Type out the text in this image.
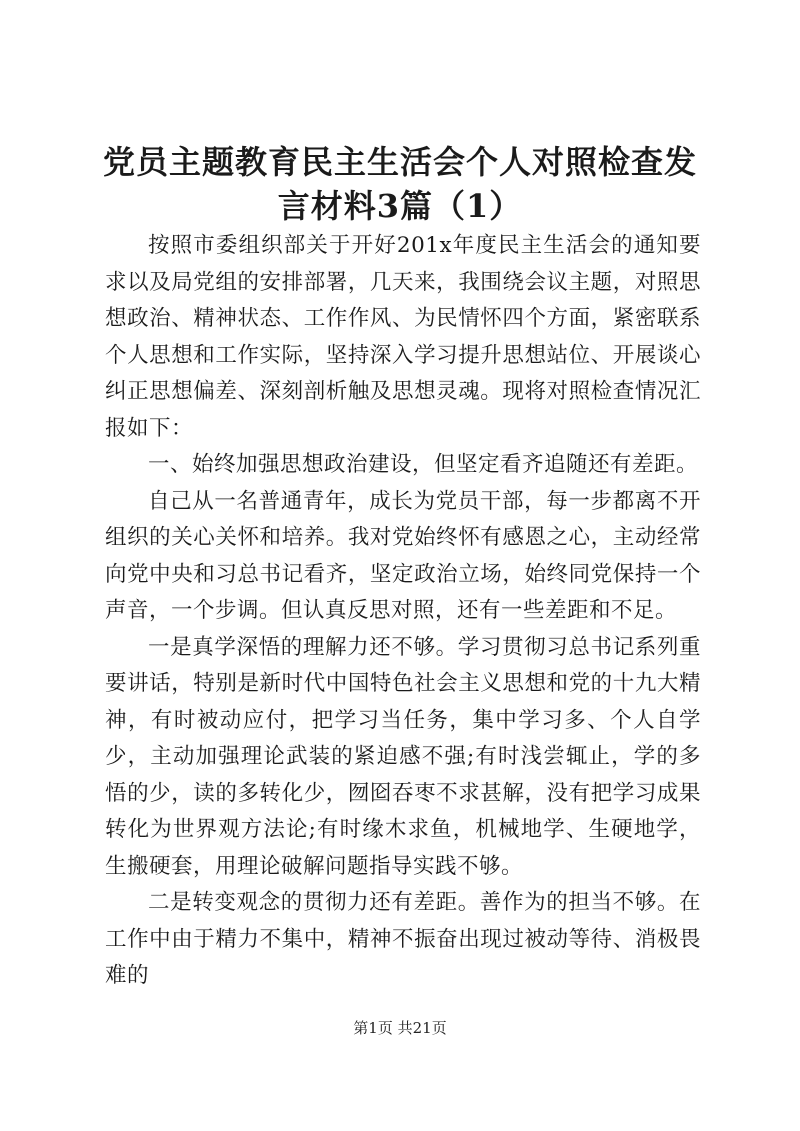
党员主题教育民主生活会个人对照检查发言材料3篇（1）

按照市委组织部关于开好201x年度民主生活会的通知要求以及局党组的安排部署，几天来，我围绕会议主题，对照思想政治、精神状态、工作作风、为民情怀四个方面，紧密联系个人思想和工作实际，坚持深入学习提升思想站位、开展谈心纠正思想偏差、深刻剖析触及思想灵魂。现将对照检查情况汇报如下：

一、始终加强思想政治建设，但坚定看齐追随还有差距。

自己从一名普通青年，成长为党员干部，每一步都离不开组织的关心关怀和培养。我对党始终怀有感恩之心，主动经常向党中央和习总书记看齐，坚定政治立场，始终同党保持一个声音，一个步调。但认真反思对照，还有一些差距和不足。

一是真学深悟的理解力还不够。学习贯彻习总书记系列重要讲话，特别是新时代中国特色社会主义思想和党的十九大精神，有时被动应付，把学习当任务，集中学习多、个人自学少，主动加强理论武装的紧迫感不强;有时浅尝辄止，学的多悟的少，读的多转化少，囫囵吞枣不求甚解，没有把学习成果转化为世界观方法论;有时缘木求鱼，机械地学、生硬地学，生搬硬套，用理论破解问题指导实践不够。

二是转变观念的贯彻力还有差距。善作为的担当不够。在工作中由于精力不集中，精神不振奋出现过被动等待、消极畏难的

第1页 共21页
